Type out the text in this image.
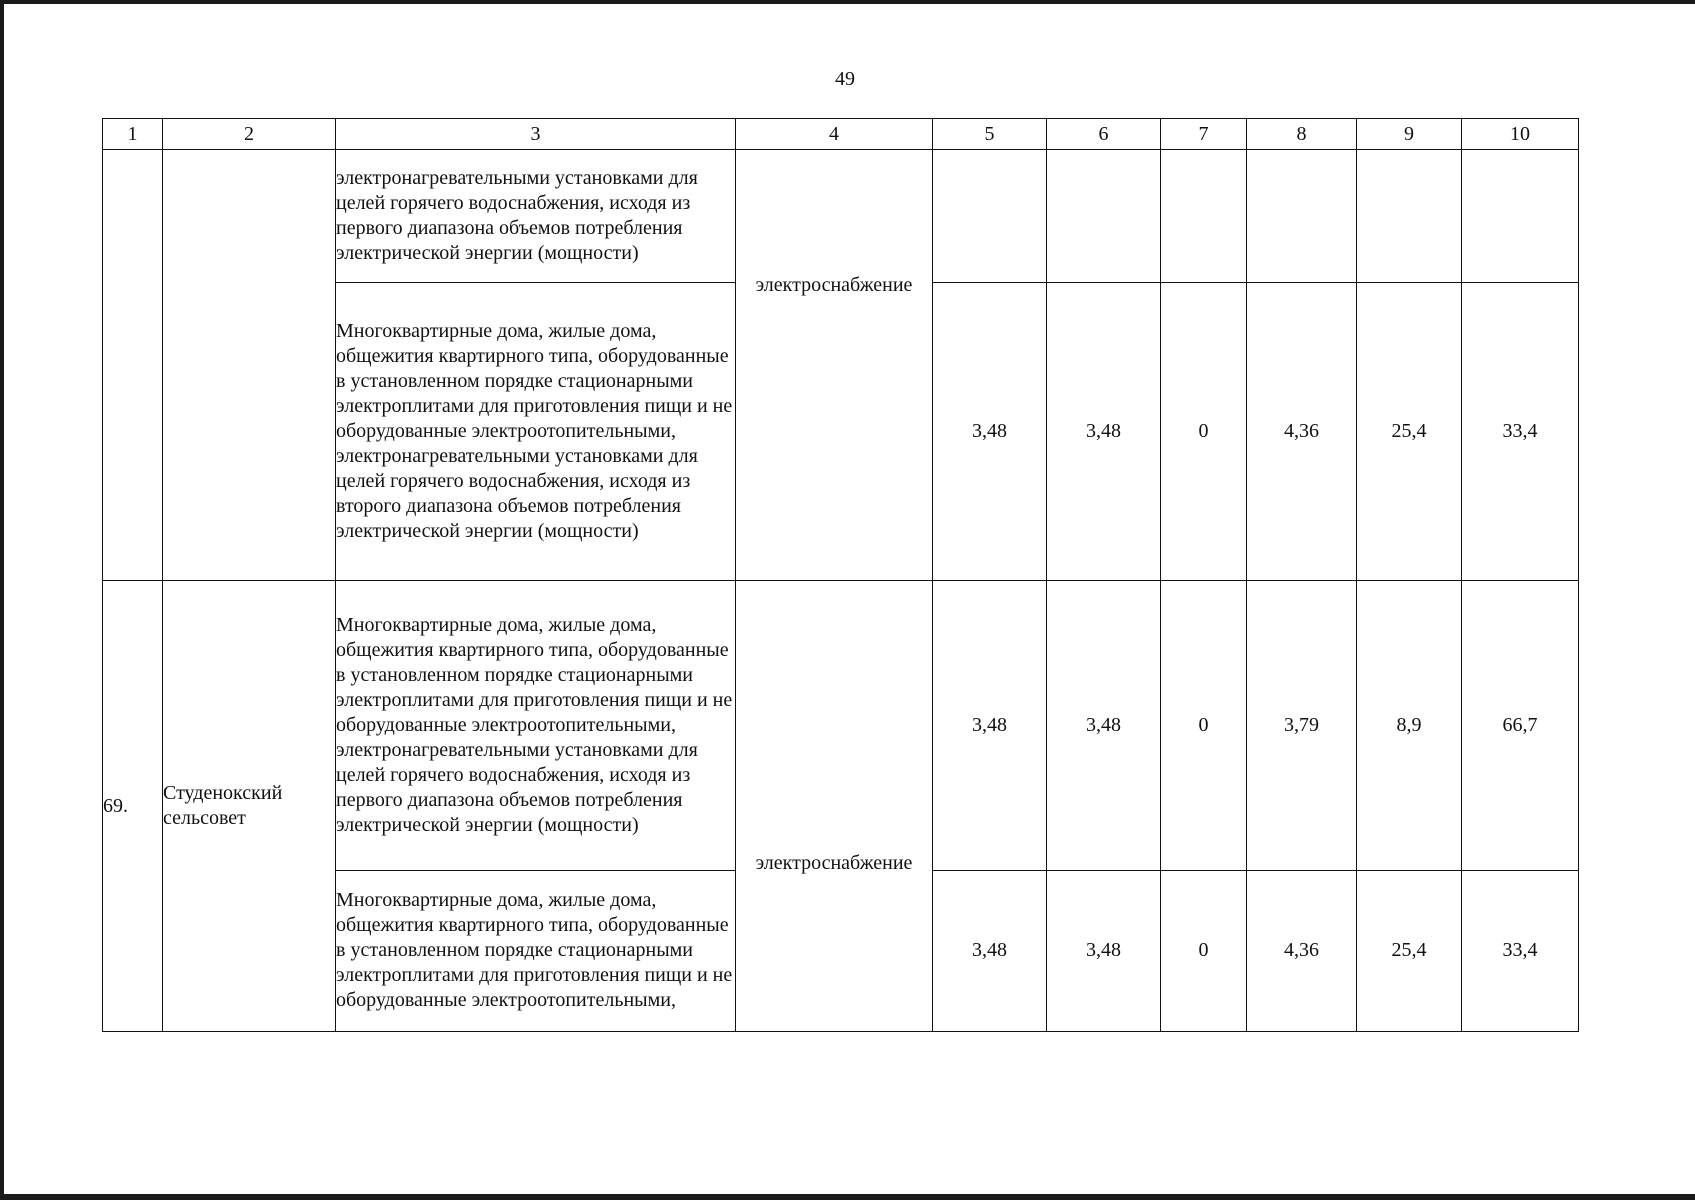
49
1	2	3	4	5	6	7	8	9	10
		электронагревательными установками для целей горячего водоснабжения, исходя из первого диапазона объемов потребления электрической энергии (мощности)	электроснабжение						

		Многоквартирные дома, жилые дома, общежития квартирного типа, оборудованные в установленном порядке стационарными электроплитами для приготовления пищи и не оборудованные электроотопительными, электронагревательными установками для целей горячего водоснабжения, исходя из второго диапазона объемов потребления электрической энергии (мощности)		3,48	3,48	0	4,36	25,4	33,4
69.	Студенокский сельсовет	Многоквартирные дома, жилые дома, общежития квартирного типа, оборудованные в установленном порядке стационарными электроплитами для приготовления пищи и не оборудованные электроотопительными, электронагревательными установками для целей горячего водоснабжения, исходя из первого диапазона объемов потребления электрической энергии (мощности)	электроснабжение	3,48	3,48	0	3,79	8,9	66,7
		Многоквартирные дома, жилые дома, общежития квартирного типа, оборудованные в установленном порядке стационарными электроплитами для приготовления пищи и не оборудованные электроотопительными,		3,48	3,48	0	4,36	25,4	33,4
